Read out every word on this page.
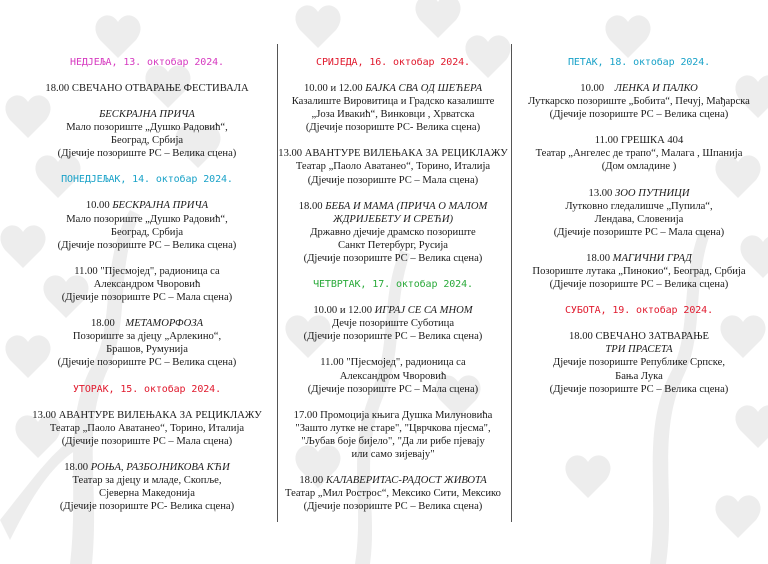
НЕДЈЕЉА, 13. октобар 2024.
18.00 СВЕЧАНО ОТВАРАЊЕ ФЕСТИВАЛА
БЕСКРАЈНА ПРИЧА
Мало позориште „Душко Радовић“,
Београд, Србија
(Дјечије позориште РС – Велика сцена)
ПОНЕДЈЕЉАК, 14. октобар 2024.
10.00 БЕСКРАЈНА ПРИЧА
Мало позориште „Душко Радовић“,
Београд, Србија
(Дјечије позориште РС – Велика сцена)
11.00 "Пјесмојед", радионица са
Александром Чворовић
(Дјечије позориште РС – Мала сцена)
18.00 МЕТАМОРФОЗА
Позориште за дјецу „Арлекино“,
Брашов, Румунија
(Дјечије позориште РС – Велика сцена)
УТОРАК, 15. октобар 2024.
13.00 АВАНТУРЕ ВИЛЕЊАКА ЗА РЕЦИКЛАЖУ
Театар „Паоло Аватанео“, Торино, Италија
(Дјечије позориште РС – Мала сцена)
18.00 РОЊА, РАЗБОЈНИКОВА КЋИ
Театар за дјецу и младе, Скопље,
Сјеверна Македонија
(Дјечије позориште РС- Велика сцена)
СРИЈЕДА, 16. октобар 2024.
10.00 и 12.00 БАЈКА СВА ОД ШЕЋЕРА
Казалиште Вировитица и Градско казалиште
„Јоза Ивакић“, Винковци , Хрватска
(Дјечије позориште РС- Велика сцена)
13.00 АВАНТУРЕ ВИЛЕЊАКА ЗА РЕЦИКЛАЖУ
Театар „Паоло Аватанео“, Торино, Италија
(Дјечије позориште РС – Мала сцена)
18.00 БЕБА И МАМА (ПРИЧА О МАЛОМ
ЖДРИЈЕБЕТУ И СРЕЋИ)
Државно дјечије драмско позориште
Санкт Петербург, Русија
(Дјечије позориште РС – Велика сцена)
ЧЕТВРТАК, 17. октобар 2024.
10.00 и 12.00 ИГРАЈ СЕ СА МНОМ
Дечје позориште Суботица
(Дјечије позориште РС – Велика сцена)
11.00 "Пјесмојед", радионица са
Александром Чворовић
(Дјечије позориште РС – Мала сцена)
17.00 Промоција књига Душка Милуновића
"Зашто лутке не старе", "Цврчкова пјесма",
"Љубав боје бијело", "Да ли рибе пјевају
или само зијевају"
18.00 КАЛАВЕРИТАС-РАДОСТ ЖИВОТА
Театар „Мил Рострос“, Мексико Сити, Мексико
(Дјечије позориште РС – Велика сцена)
ПЕТАК, 18. октобар 2024.
10.00 ЛЕНКА И ПАЛКО
Луткарско позориште „Бобита“, Печуј, Мађарска
(Дјечије позориште РС – Велика сцена)
11.00 ГРЕШКА 404
Театар „Ангелес де трапо“, Малага , Шпанија
(Дом омладине )
13.00 ЗОО ПУТНИЦИ
Лутковно гледалишче „Пупила“,
Лендава, Словенија
(Дјечије позориште РС – Мала сцена)
18.00 МАГИЧНИ ГРАД
Позориште лутака „Пинокио“, Београд, Србија
(Дјечије позориште РС – Велика сцена)
СУБОТА, 19. октобар 2024.
18.00 СВЕЧАНО ЗАТВАРАЊЕ
ТРИ ПРАСЕТА
Дјечије позориште Републике Српске,
Бања Лука
(Дјечије позориште РС – Велика сцена)
